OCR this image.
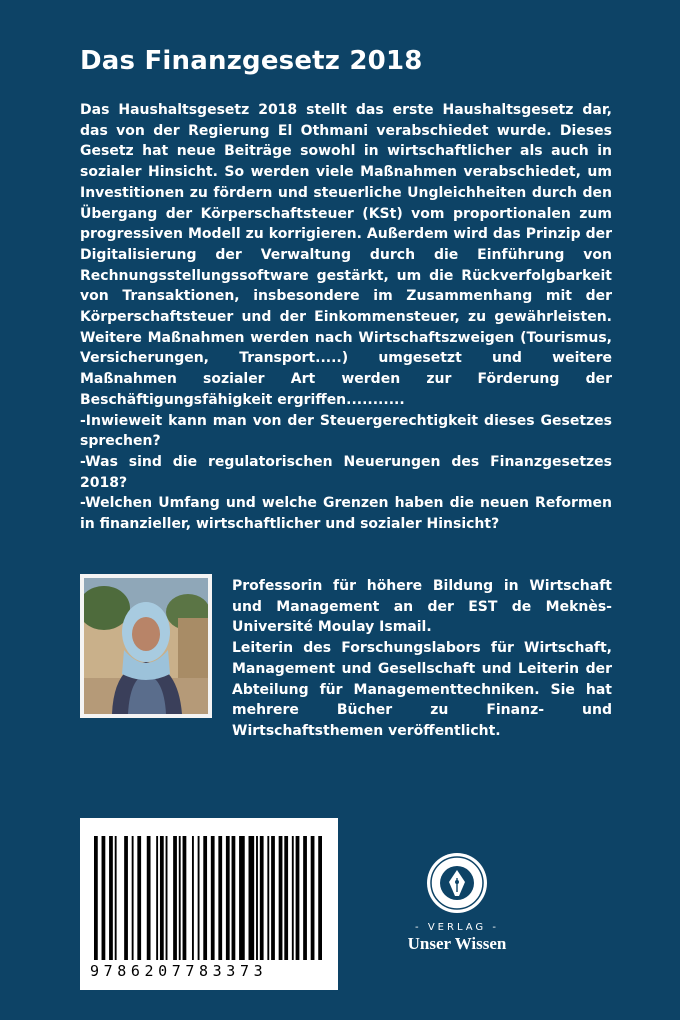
Das Finanzgesetz 2018

Das Haushaltsgesetz 2018 stellt das erste Haushaltsgesetz dar, das von der Regierung El Othmani verabschiedet wurde. Dieses Gesetz hat neue Beiträge sowohl in wirtschaftlicher als auch in sozialer Hinsicht. So werden viele Maßnahmen verabschiedet, um Investitionen zu fördern und steuerliche Ungleichheiten durch den Übergang der Körperschaftsteuer (KSt) vom proportionalen zum progressiven Modell zu korrigieren. Außerdem wird das Prinzip der Digitalisierung der Verwaltung durch die Einführung von Rechnungsstellungssoftware gestärkt, um die Rückverfolgbarkeit von Transaktionen, insbesondere im Zusammenhang mit der Körperschaftsteuer und der Einkommensteuer, zu gewährleisten. Weitere Maßnahmen werden nach Wirtschaftszweigen (Tourismus, Versicherungen, Transport.....) umgesetzt und weitere Maßnahmen sozialer Art werden zur Förderung der Beschäftigungsfähigkeit ergriffen...........

-Inwieweit kann man von der Steuergerechtigkeit dieses Gesetzes sprechen?

-Was sind die regulatorischen Neuerungen des Finanzgesetzes 2018?

-Welchen Umfang und welche Grenzen haben die neuen Reformen in finanzieller, wirtschaftlicher und sozialer Hinsicht?

Professorin für höhere Bildung in Wirtschaft und Management an der EST de Meknès-Université Moulay Ismail.

Leiterin des Forschungslabors für Wirtschaft, Management und Gesellschaft und Leiterin der Abteilung für Managementtechniken. Sie hat mehrere Bücher zu Finanz- und Wirtschaftsthemen veröffentlicht.

9786207783373
- VERLAG -
Unser Wissen
